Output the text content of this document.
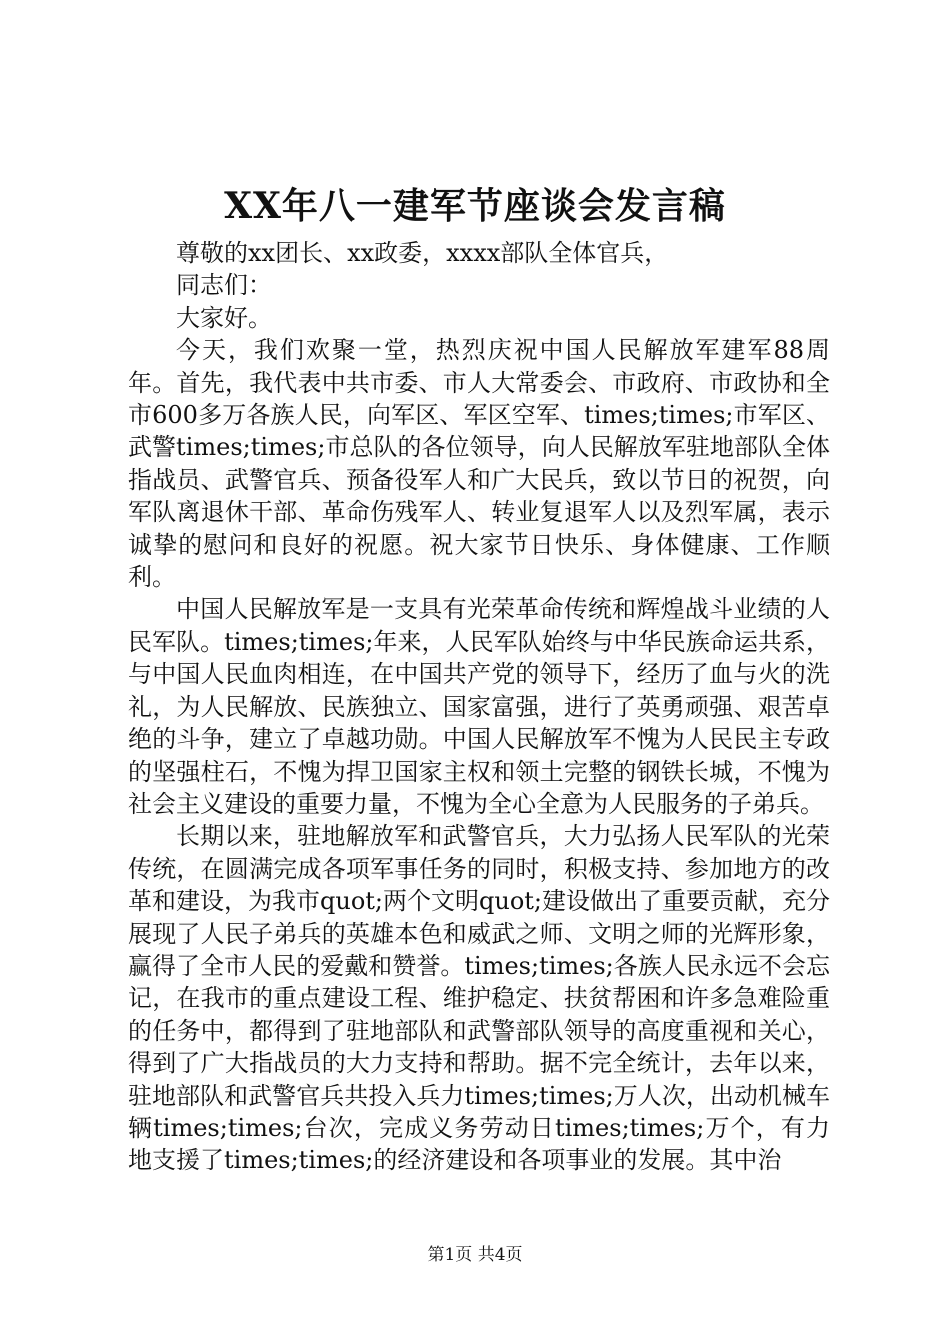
XX年八一建军节座谈会发言稿

尊敬的xx团长、xx政委，xxxx部队全体官兵，

同志们：

大家好。

今天，我们欢聚一堂，热烈庆祝中国人民解放军建军88周年。首先，我代表中共市委、市人大常委会、市政府、市政协和全市600多万各族人民，向军区、军区空军、times;times;市军区、武警times;times;市总队的各位领导，向人民解放军驻地部队全体指战员、武警官兵、预备役军人和广大民兵，致以节日的祝贺，向军队离退休干部、革命伤残军人、转业复退军人以及烈军属，表示诚挚的慰问和良好的祝愿。祝大家节日快乐、身体健康、工作顺利。

中国人民解放军是一支具有光荣革命传统和辉煌战斗业绩的人民军队。times;times;年来，人民军队始终与中华民族命运共系，与中国人民血肉相连，在中国共产党的领导下，经历了血与火的洗礼，为人民解放、民族独立、国家富强，进行了英勇顽强、艰苦卓绝的斗争，建立了卓越功勋。中国人民解放军不愧为人民民主专政的坚强柱石，不愧为捍卫国家主权和领土完整的钢铁长城，不愧为社会主义建设的重要力量，不愧为全心全意为人民服务的子弟兵。

长期以来，驻地解放军和武警官兵，大力弘扬人民军队的光荣传统，在圆满完成各项军事任务的同时，积极支持、参加地方的改革和建设，为我市quot;两个文明quot;建设做出了重要贡献，充分展现了人民子弟兵的英雄本色和威武之师、文明之师的光辉形象，赢得了全市人民的爱戴和赞誉。times;times;各族人民永远不会忘记，在我市的重点建设工程、维护稳定、扶贫帮困和许多急难险重的任务中，都得到了驻地部队和武警部队领导的高度重视和关心，得到了广大指战员的大力支持和帮助。据不完全统计，去年以来，驻地部队和武警官兵共投入兵力times;times;万人次，出动机械车辆times;times;台次，完成义务劳动日times;times;万个，有力地支援了times;times;的经济建设和各项事业的发展。其中治

第1页 共4页
